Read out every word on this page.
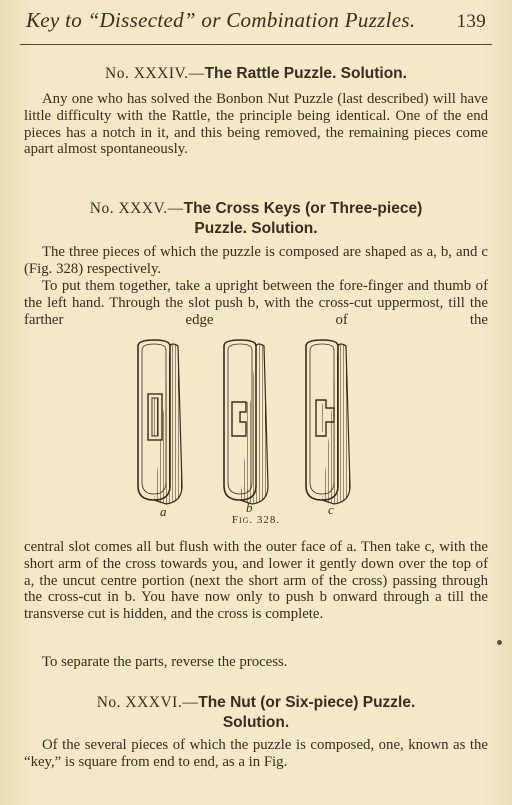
Key to “Dissected” or Combination Puzzles. 139
No. XXXIV.—The Rattle Puzzle. Solution.

Any one who has solved the Bonbon Nut Puzzle (last described) will have little difficulty with the Rattle, the principle being identical. One of the end pieces has a notch in it, and this being removed, the remaining pieces come apart almost spontaneously.

No. XXXV.—The Cross Keys (or Three-piece)
Puzzle. Solution.

The three pieces of which the puzzle is composed are shaped as a, b, and c (Fig. 328) respectively.

To put them together, take a upright between the fore-finger and thumb of the left hand. Through the slot push b, with the cross-cut uppermost, till the farther edge of the

a	b	c
Fig. 328.

central slot comes all but flush with the outer face of a. Then take c, with the short arm of the cross towards you, and lower it gently down over the top of a, the uncut centre portion (next the short arm of the cross) passing through the cross-cut in b. You have now only to push b onward through a till the transverse cut is hidden, and the cross is complete.

To separate the parts, reverse the process.

No. XXXVI.—The Nut (or Six-piece) Puzzle.
Solution.

Of the several pieces of which the puzzle is composed, one, known as the “key,” is square from end to end, as a in Fig.
